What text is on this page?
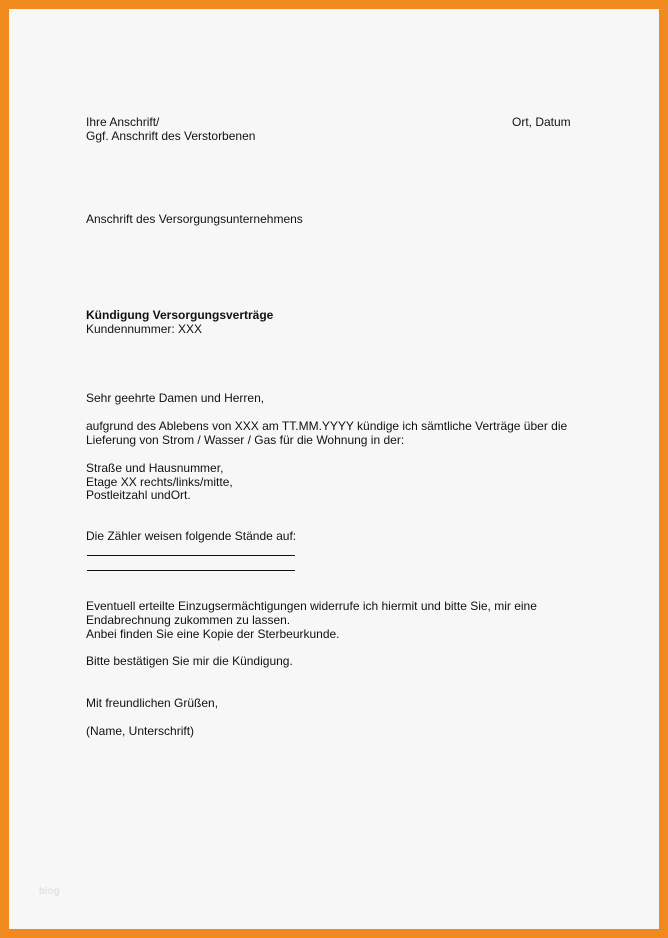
Ihre Anschrift/
Ggf. Anschrift des Verstorbenen
Ort, Datum
Anschrift des Versorgungsunternehmens
Kündigung Versorgungsverträge
Kundennummer: XXX
Sehr geehrte Damen und Herren,
aufgrund des Ablebens von XXX am TT.MM.YYYY kündige ich sämtliche Verträge über die
Lieferung von Strom / Wasser / Gas für die Wohnung in der:
Straße und Hausnummer,
Etage XX rechts/links/mitte,
Postleitzahl undOrt.
Die Zähler weisen folgende Stände auf:
Eventuell erteilte Einzugsermächtigungen widerrufe ich hiermit und bitte Sie, mir eine
Endabrechnung zukommen zu lassen.
Anbei finden Sie eine Kopie der Sterbeurkunde.
Bitte bestätigen Sie mir die Kündigung.
Mit freundlichen Grüßen,
(Name, Unterschrift)
blog
